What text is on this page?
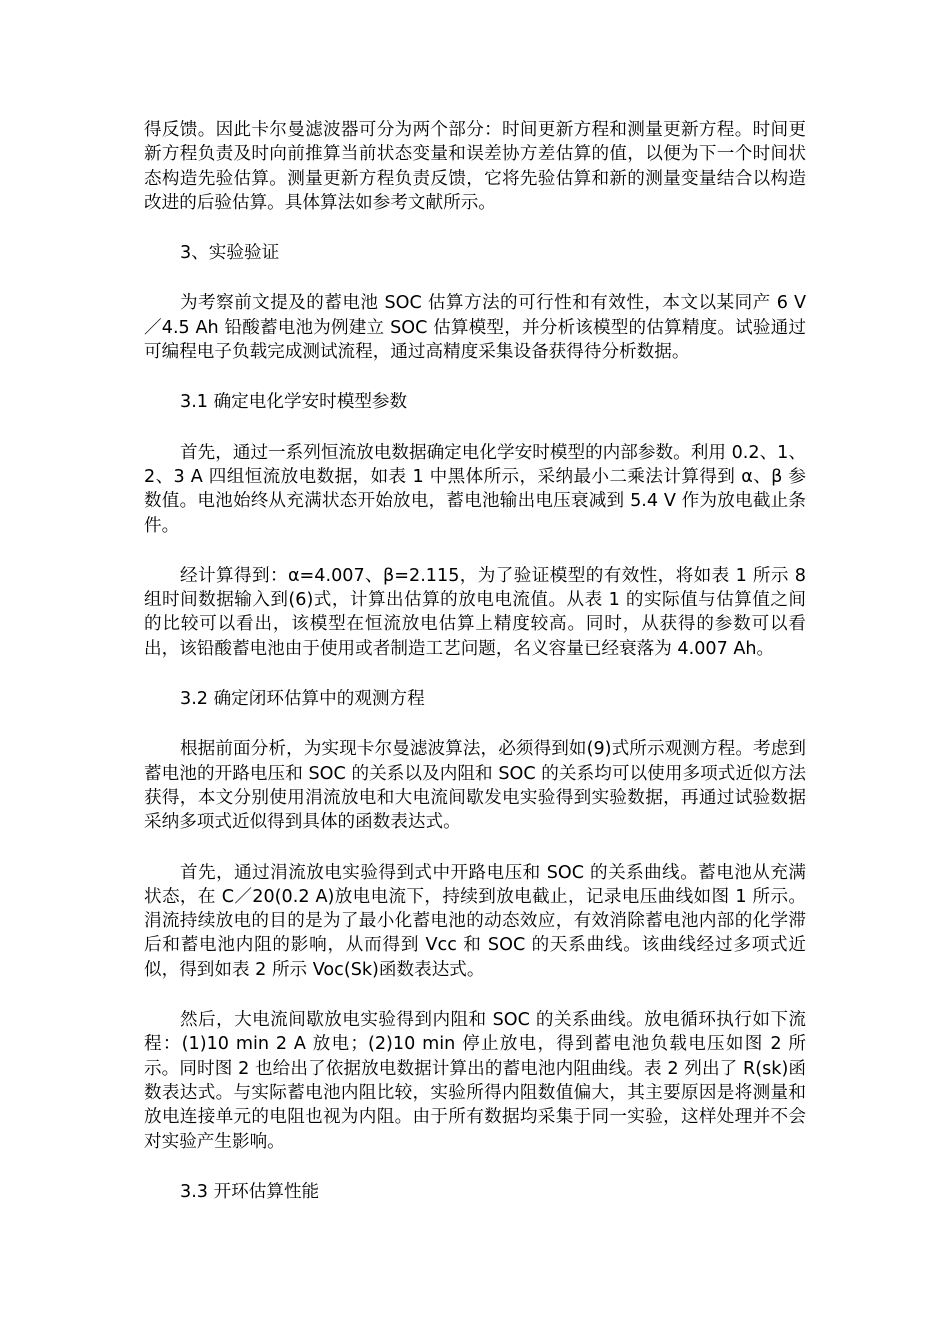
得反馈。因此卡尔曼滤波器可分为两个部分：时间更新方程和测量更新方程。时间更新方程负责及时向前推算当前状态变量和误差协方差估算的值，以便为下一个时间状态构造先验估算。测量更新方程负责反馈，它将先验估算和新的测量变量结合以构造改进的后验估算。具体算法如参考文献所示。

3、实验验证

为考察前文提及的蓄电池 SOC 估算方法的可行性和有效性，本文以某同产 6 V／4.5 Ah 铅酸蓄电池为例建立 SOC 估算模型，并分析该模型的估算精度。试验通过可编程电子负载完成测试流程，通过高精度采集设备获得待分析数据。

3.1 确定电化学安时模型参数

首先，通过一系列恒流放电数据确定电化学安时模型的内部参数。利用 0.2、1、2、3 A 四组恒流放电数据，如表 1 中黑体所示，采纳最小二乘法计算得到 α、β 参数值。电池始终从充满状态开始放电，蓄电池输出电压衰减到 5.4 V 作为放电截止条件。

经计算得到：α=4.007、β=2.115，为了验证模型的有效性，将如表 1 所示 8 组时间数据输入到(6)式，计算出估算的放电电流值。从表 1 的实际值与估算值之间的比较可以看出，该模型在恒流放电估算上精度较高。同时，从获得的参数可以看出，该铅酸蓄电池由于使用或者制造工艺问题，名义容量已经衰落为 4.007 Ah。

3.2 确定闭环估算中的观测方程

根据前面分析，为实现卡尔曼滤波算法，必须得到如(9)式所示观测方程。考虑到蓄电池的开路电压和 SOC 的关系以及内阻和 SOC 的关系均可以使用多项式近似方法获得，本文分别使用涓流放电和大电流间歇发电实验得到实验数据，再通过试验数据采纳多项式近似得到具体的函数表达式。

首先，通过涓流放电实验得到式中开路电压和 SOC 的关系曲线。蓄电池从充满状态，在 C／20(0.2 A)放电电流下，持续到放电截止，记录电压曲线如图 1 所示。涓流持续放电的目的是为了最小化蓄电池的动态效应，有效消除蓄电池内部的化学滞后和蓄电池内阻的影响，从而得到 Vcc 和 SOC 的天系曲线。该曲线经过多项式近似，得到如表 2 所示 Voc(Sk)函数表达式。

然后，大电流间歇放电实验得到内阻和 SOC 的关系曲线。放电循环执行如下流程：(1)10 min 2 A 放电；(2)10 min 停止放电，得到蓄电池负载电压如图 2 所示。同时图 2 也给出了依据放电数据计算出的蓄电池内阻曲线。表 2 列出了 R(sk)函数表达式。与实际蓄电池内阻比较，实验所得内阻数值偏大，其主要原因是将测量和放电连接单元的电阻也视为内阻。由于所有数据均采集于同一实验，这样处理并不会对实验产生影响。

3.3 开环估算性能
